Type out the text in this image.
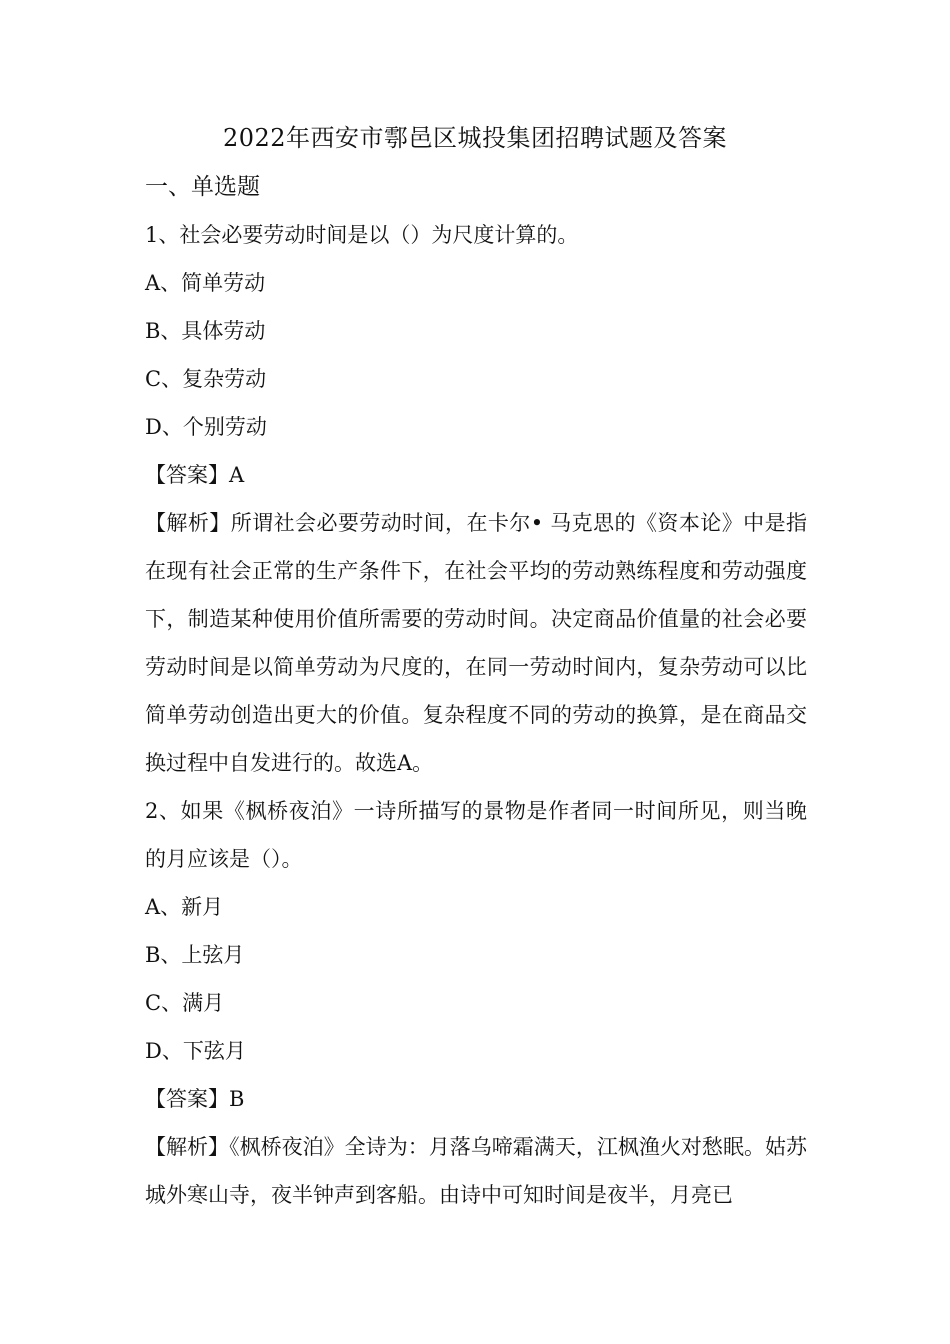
2022年西安市鄠邑区城投集团招聘试题及答案
一、单选题
1、社会必要劳动时间是以（）为尺度计算的。
A、简单劳动
B、具体劳动
C、复杂劳动
D、个别劳动
【答案】A
【解析】所谓社会必要劳动时间，在卡尔• 马克思的《资本论》中是指在现有社会正常的生产条件下，在社会平均的劳动熟练程度和劳动强度下，制造某种使用价值所需要的劳动时间。决定商品价值量的社会必要劳动时间是以简单劳动为尺度的，在同一劳动时间内，复杂劳动可以比简单劳动创造出更大的价值。复杂程度不同的劳动的换算，是在商品交换过程中自发进行的。故选A。
2、如果《枫桥夜泊》一诗所描写的景物是作者同一时间所见，则当晚的月应该是（）。
A、新月
B、上弦月
C、满月
D、下弦月
【答案】B
【解析】《枫桥夜泊》全诗为：月落乌啼霜满天，江枫渔火对愁眠。姑苏城外寒山寺，夜半钟声到客船。由诗中可知时间是夜半，月亮已
